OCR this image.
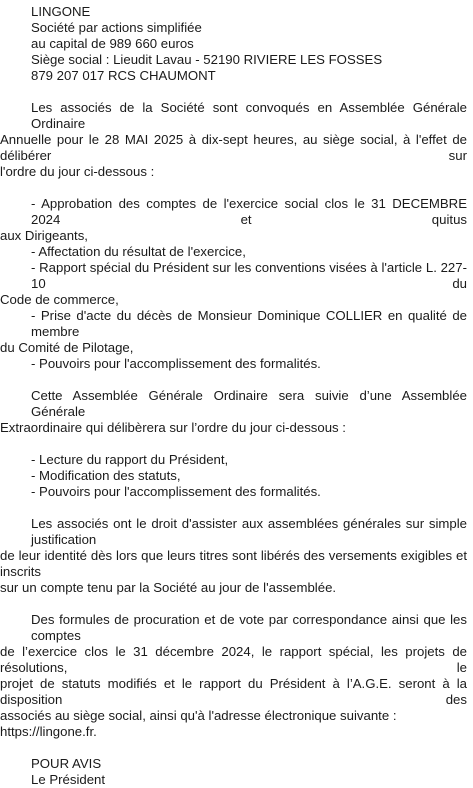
LINGONE
Société par actions simplifiée
au capital de 989 660 euros
Siège social : Lieudit Lavau - 52190 RIVIERE LES FOSSES
879 207 017 RCS CHAUMONT
Les associés de la Société sont convoqués en Assemblée Générale Ordinaire
Annuelle pour le 28 MAI 2025 à dix-sept heures, au siège social, à l'effet de délibérer sur
l'ordre du jour ci-dessous :
- Approbation des comptes de l'exercice social clos le 31 DECEMBRE 2024 et quitus
aux Dirigeants,
- Affectation du résultat de l'exercice,
- Rapport spécial du Président sur les conventions visées à l'article L. 227-10 du
Code de commerce,
- Prise d'acte du décès de Monsieur Dominique COLLIER en qualité de membre
du Comité de Pilotage,
- Pouvoirs pour l'accomplissement des formalités.
Cette Assemblée Générale Ordinaire sera suivie d’une Assemblée Générale
Extraordinaire qui délibèrera sur l’ordre du jour ci-dessous :
- Lecture du rapport du Président,
- Modification des statuts,
- Pouvoirs pour l'accomplissement des formalités.
Les associés ont le droit d'assister aux assemblées générales sur simple justification
de leur identité dès lors que leurs titres sont libérés des versements exigibles et inscrits
sur un compte tenu par la Société au jour de l'assemblée.
Des formules de procuration et de vote par correspondance ainsi que les comptes
de l’exercice clos le 31 décembre 2024, le rapport spécial, les projets de résolutions, le
projet de statuts modifiés et le rapport du Président à l’A.G.E. seront à la disposition des
associés au siège social, ainsi qu'à l'adresse électronique suivante : https://lingone.fr.
POUR AVIS
Le Président
